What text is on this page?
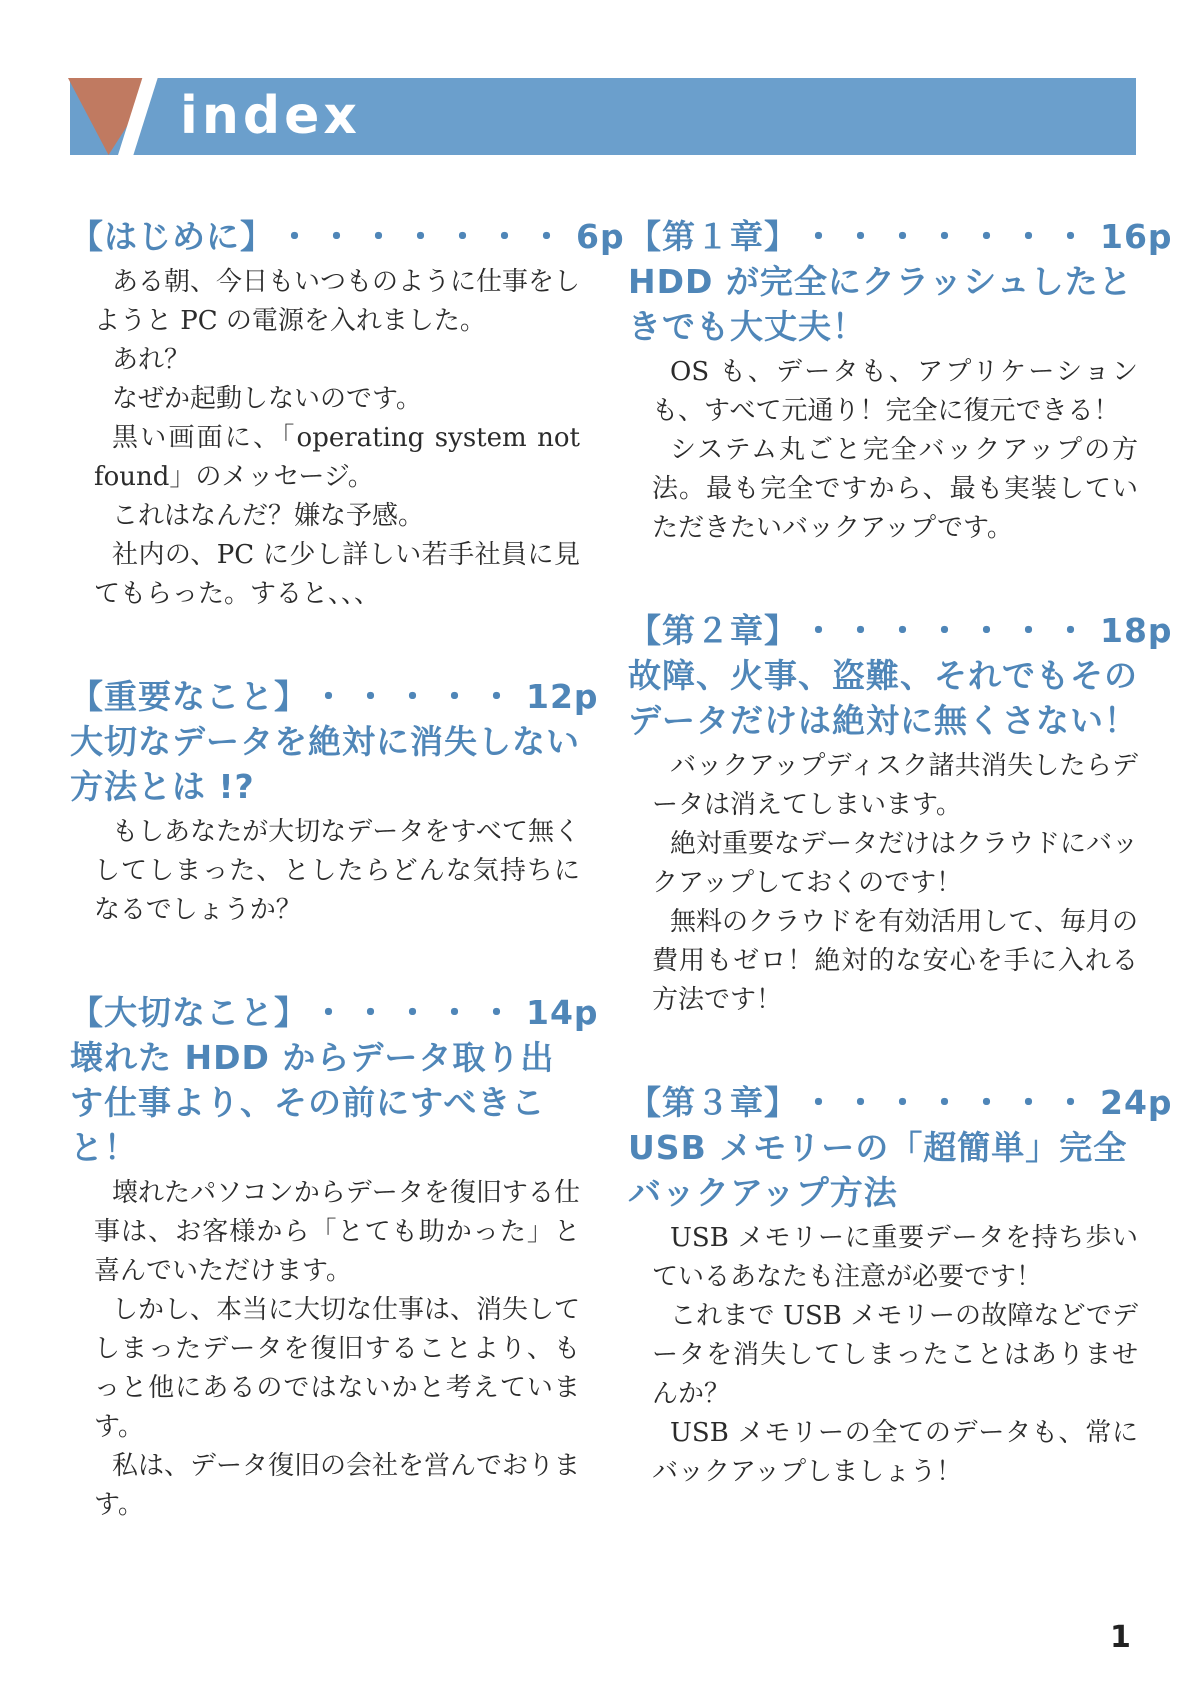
index
【はじめに】 ・・・・・・・ 6p

ある朝、今日もいつものように仕事をしようと PC の電源を入れました。

あれ？

なぜか起動しないのです。

黒い画面に、「operating system not found」のメッセージ。

これはなんだ？嫌な予感。

社内の、PC に少し詳しい若手社員に見てもらった。すると、、、

【重要なこと】 ・・・・・ 12p
大切なデータを絶対に消失しない方法とは !?

もしあなたが大切なデータをすべて無くしてしまった、としたらどんな気持ちになるでしょうか？

【大切なこと】 ・・・・・ 14p
壊れた HDD からデータ取り出す仕事より、その前にすべきこと！

壊れたパソコンからデータを復旧する仕事は、お客様から「とても助かった」と喜んでいただけます。

しかし、本当に大切な仕事は、消失してしまったデータを復旧することより、もっと他にあるのではないかと考えています。

私は、データ復旧の会社を営んでおります。

【第１章】 ・・・・・・・ 16p
HDD が完全にクラッシュしたときでも大丈夫！

OS も、データも、アプリケーションも、すべて元通り！完全に復元できる！

システム丸ごと完全バックアップの方法。最も完全ですから、最も実装していただきたいバックアップです。

【第２章】 ・・・・・・・ 18p
故障、火事、盗難、それでもそのデータだけは絶対に無くさない！

バックアップディスク諸共消失したらデータは消えてしまいます。

絶対重要なデータだけはクラウドにバックアップしておくのです！

無料のクラウドを有効活用して、毎月の費用もゼロ！絶対的な安心を手に入れる方法です！

【第３章】 ・・・・・・・ 24p
USB メモリーの「超簡単」完全バックアップ方法

USB メモリーに重要データを持ち歩いているあなたも注意が必要です！

これまで USB メモリーの故障などでデータを消失してしまったことはありませんか？

USB メモリーの全てのデータも、常にバックアップしましょう！

1
